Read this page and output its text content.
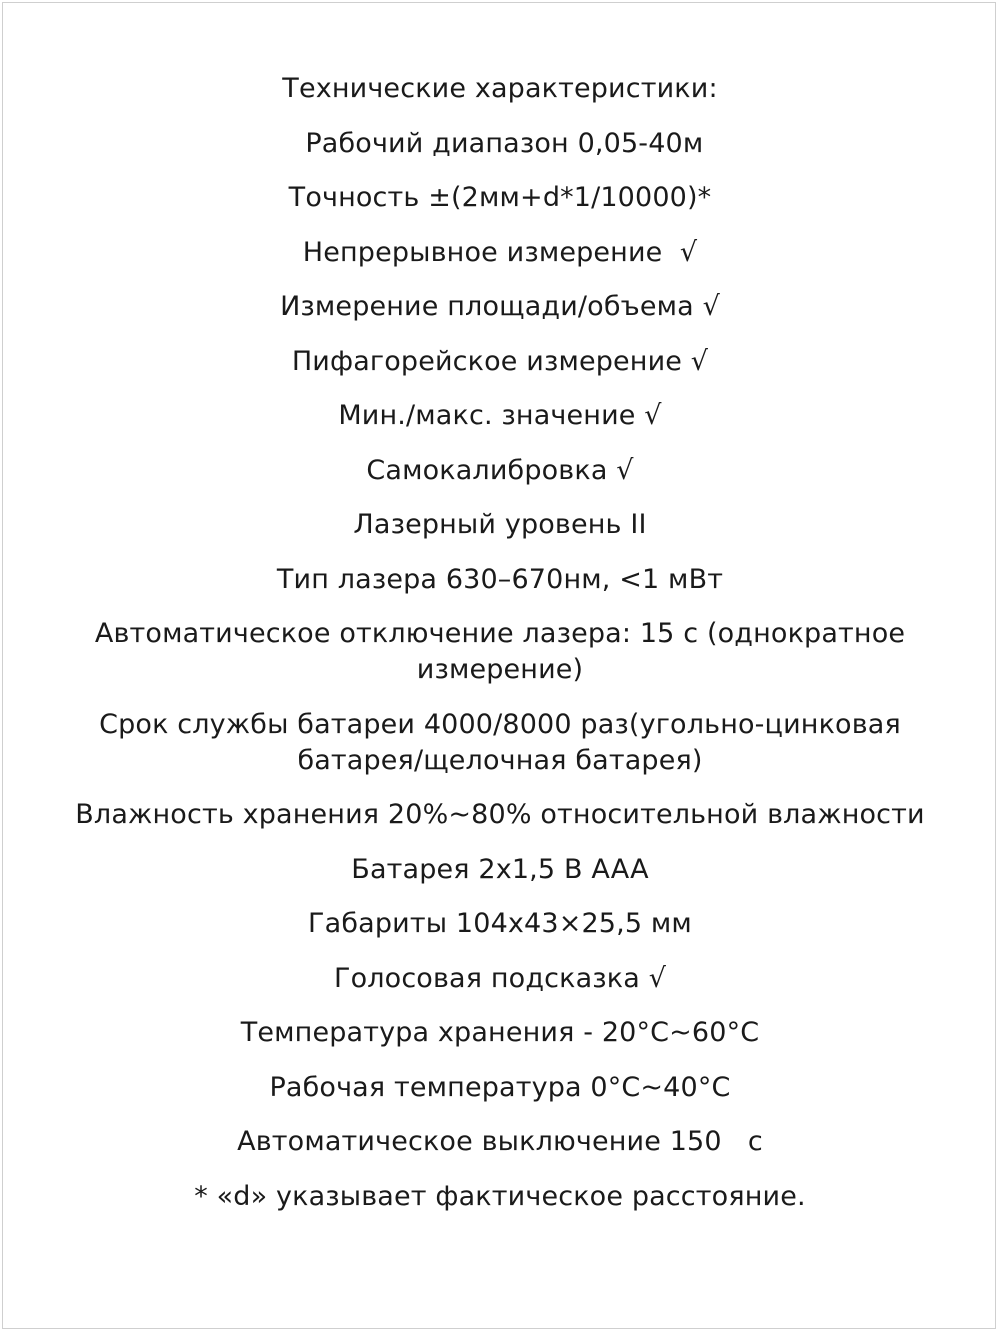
Технические характеристики:
Рабочий диапазон 0,05-40м
Точность ±(2мм+d*1/10000)*
Непрерывное измерение  √
Измерение площади/объема √
Пифагорейское измерение √
Мин./макс. значение √
Самокалибровка √
Лазерный уровень II
Тип лазера 630–670нм, <1 мВт
Автоматическое отключение лазера: 15 с (однократное
измерение)
Срок службы батареи 4000/8000 раз(угольно-цинковая
батарея/щелочная батарея)
Влажность хранения 20%~80% относительной влажности
Батарея 2x1,5 В AAA
Габариты 104x43×25,5 мм
Голосовая подсказка √
Температура хранения - 20°C~60°C
Рабочая температура 0°C~40°C
Автоматическое выключение 150   с
* «d» указывает фактическое расстояние.
